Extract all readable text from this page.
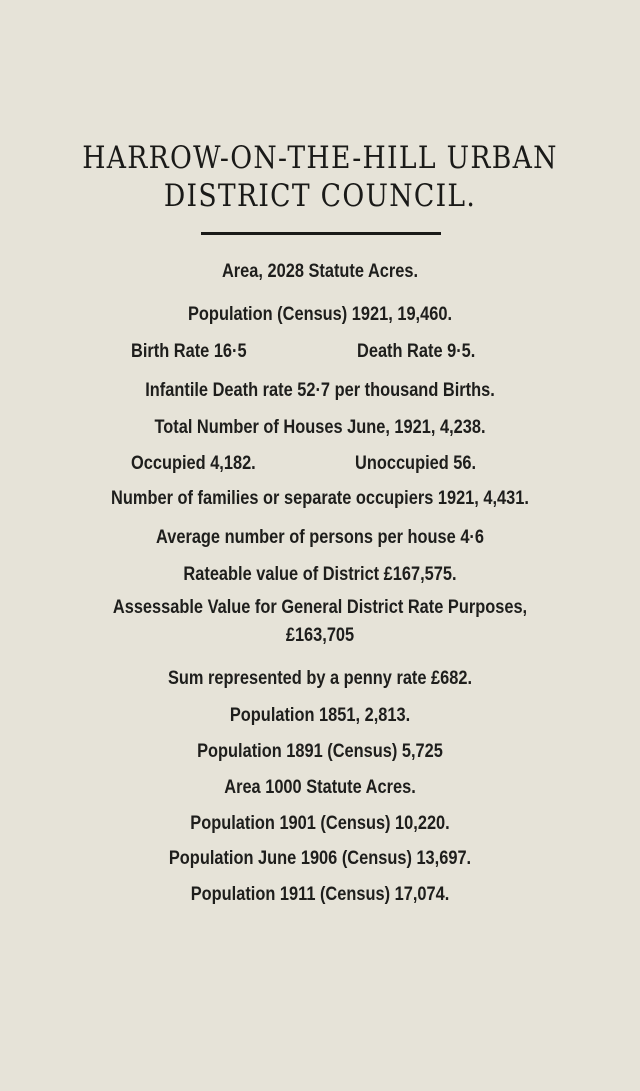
HARROW-ON-THE-HILL URBAN
DISTRICT COUNCIL.
Area, 2028 Statute Acres.
Population (Census) 1921, 19,460.
Birth Rate 16·5	Death Rate 9·5.
Infantile Death rate 52·7 per thousand Births.
Total Number of Houses June, 1921, 4,238.
Occupied 4,182.	Unoccupied 56.
Number of families or separate occupiers 1921, 4,431.
Average number of persons per house 4·6
Rateable value of District £167,575.
Assessable Value for General District Rate Purposes,
£163,705
Sum represented by a penny rate £682.
Population 1851, 2,813.
Population 1891 (Census) 5,725
Area 1000 Statute Acres.
Population 1901 (Census) 10,220.
Population June 1906 (Census) 13,697.
Population 1911 (Census) 17,074.
